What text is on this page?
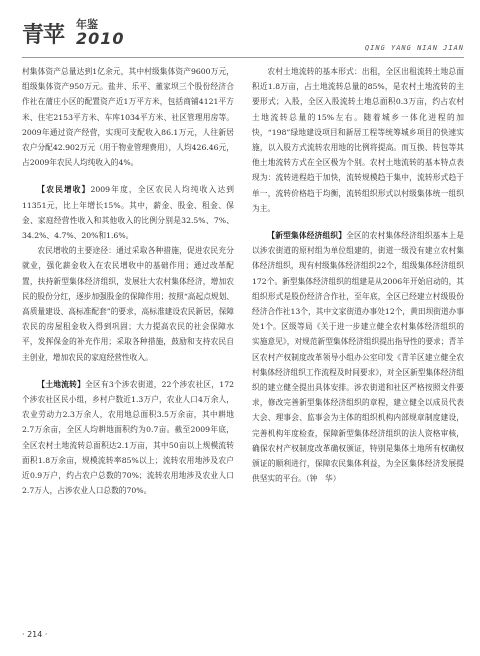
青苹 年鉴
2010	QING YANG NIAN JIAN

村集体资产总量达到1亿余元，其中村级集体资产9600万元，组级集体资产950万元。盐井、乐平、董家坝三个股份经济合作社在蒲庄小区的配置资产近1万平方米，包括商铺4121平方米、住宅2153平方米、车库1034平方米、社区管理用房等。2009年通过资产经营，实现可支配收入86.1万元，人往新居农户分配42.902万元（用于物业管理费用），人均426.46元，占2009年农民人均纯收入的4%。

【农民增收】2009年度，全区农民人均纯收入达到11351元，比上年增长15%。其中，薪金、股金、租金、保金、家庭经营性收入和其他收入的比例分别是32.5%、7%、34.2%、4.7%、20%和1.6%。

农民增收的主要途径：通过采取各种措施，促进农民充分就业，强化薪金收入在农民增收中的基础作用；通过改革配置，扶持新型集体经济组织，发展壮大农村集体经济，增加农民的股份分红，逐步加强股金的保障作用；按照“高起点规划、高质量建设、高标准配套”的要求，高标准建设农民新居，保障农民的房屋租金收入得到巩固；大力提高农民的社会保障水平，发挥保金的补充作用；采取各种措施，鼓励和支持农民自主创业，增加农民的家庭经营性收入。

【土地流转】全区有3个涉农街道，22个涉农社区，172个涉农社区民小组，乡村户数近1.3万户，农业人口4万余人，农业劳动力2.3万余人，农用地总面积3.5万余亩，其中耕地2.7万余亩，全区人均耕地面积约为0.7亩。截至2009年底，全区农村土地流转总面积达2.1万亩，其中50亩以上规模流转面积1.8万余亩，规模流转率85%以上；流转农用地涉及农户近0.9万户，约占农户总数的70%；流转农用地涉及农业人口2.7万人，占涉农业人口总数的70%。

农村土地流转的基本形式：出租，全区出租流转土地总面积近1.8万亩，占土地流转总量的85%，是农村土地流转的主要形式；入股，全区入股流转土地总面积0.3万亩，约占农村土地流转总量的15%左右。随着城乡一体化进程的加快，“198”绿地建设项目和新居工程等统筹城乡项目的快速实施，以入股方式流转农用地的比例将提高。而互换、转包等其他土地流转方式在全区极为个别。农村土地流转的基本特点表现为：流转进程趋于加快，流转规模趋于集中，流转形式趋于单一，流转价格趋于均衡，流转组织形式以村级集体统一组织为主。

【新型集体经济组织】全区的农村集体经济组织基本上是以涉农街道的原村组为单位组建的，街道一级没有建立农村集体经济组织，现有村级集体经济组织22个，组级集体经济组织172个。新型集体经济组织的组建是从2006年开始启动的，其组织形式是股份经济合作社，至年底，全区已经建立村级股份经济合作社13个，其中文家街道办事处12个，黄田坝街道办事处1个。区级等局《关于进一步建立健全农村集体经济组织的实施意见》，对规范新型集体经济组织提出指导性的要求；青羊区农村产权制度改革领导小组办公室印发《青羊区建立健全农村集体经济组织工作流程及时间要求》，对全区新型集体经济组织的建立健全提出具体安排。涉农街道和社区严格按照文件要求，修改完善新型集体经济组织的章程，建立健全以成员代表大会、理事会、监事会为主体的组织机构内部规章制度建设，完善机构年度检查，保障新型集体经济组织的法人资格审核，确保农村产权制度改革确权颁证，特别是集体土地所有权确权颁证的顺利进行，保障农民集体利益，为全区集体经济发展提供坚实的平台。（钟　华）

· 214 ·
